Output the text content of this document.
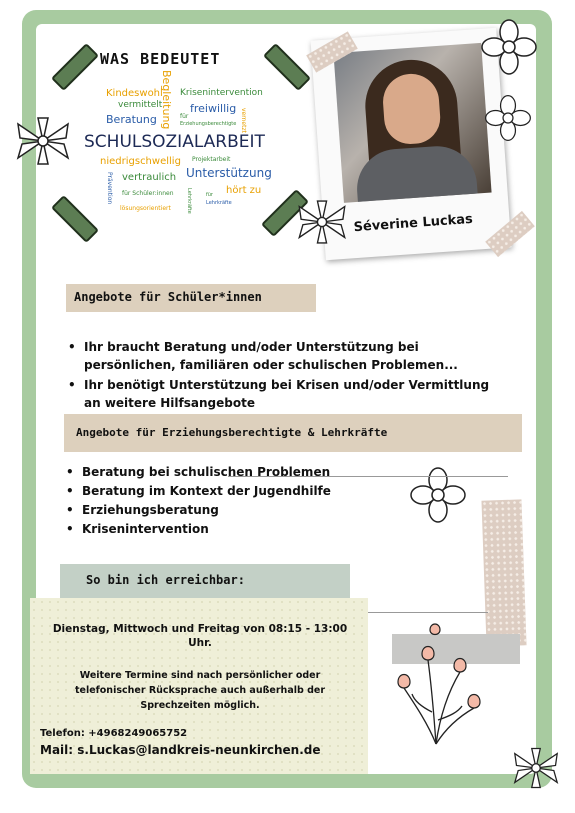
WAS BEDEUTET
Kindeswohl
Begleitung Krisenintervention
vermittelt	freiwillig
Beratung	für
Erziehungsberechtigte vernetzt
SCHULSOZIALARBEIT
niedrigschwellig Projektarbeit
vertraulich Unterstützung
Prävention	hört zu
für Schüler:innen
lösungsorientiert	Lehrkräfte	für
Lehrkräfte
Séverine Luckas
Angebote für Schüler*innen
• Ihr braucht Beratung und/oder Unterstützung bei persönlichen, familiären oder schulischen Problemen...
• Ihr benötigt Unterstützung bei Krisen und/oder Vermittlung an weitere Hilfsangebote
Angebote für Erziehungsberechtigte & Lehrkräfte
• Beratung bei schulischen Problemen
• Beratung im Kontext der Jugendhilfe
• Erziehungsberatung
• Krisenintervention
So bin ich erreichbar:
Dienstag, Mittwoch und Freitag von 08:15 - 13:00 Uhr.
Weitere Termine sind nach persönlicher oder telefonischer Rücksprache auch außerhalb der Sprechzeiten möglich.
Telefon: +4968249065752
Mail: s.Luckas@landkreis-neunkirchen.de
